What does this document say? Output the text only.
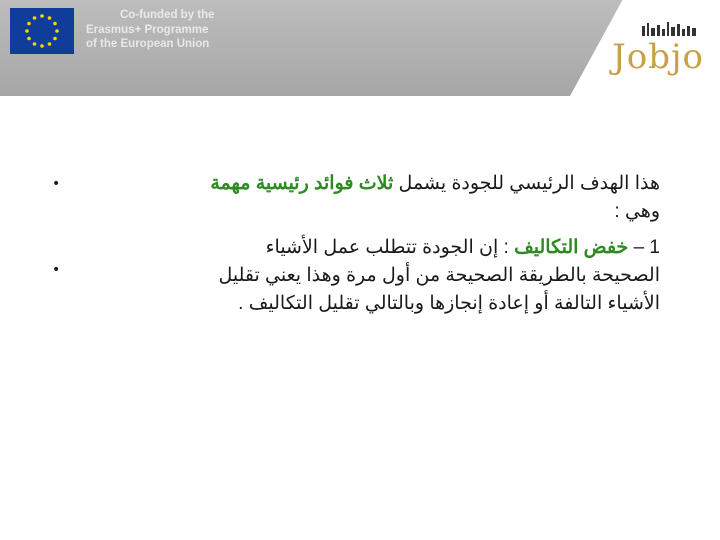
Co-funded by the
Erasmus+ Programme
of the European Union	Jobjo
هذا الهدف الرئيسي للجودة يشمل ثلاث فوائد رئيسية مهمة
وهي :
1 – خفض التكاليف : إن الجودة تتطلب عمل الأشياء
الصحيحة بالطريقة الصحيحة من أول مرة وهذا يعني تقليل
الأشياء التالفة أو إعادة إنجازها وبالتالي تقليل التكاليف .
•
•
